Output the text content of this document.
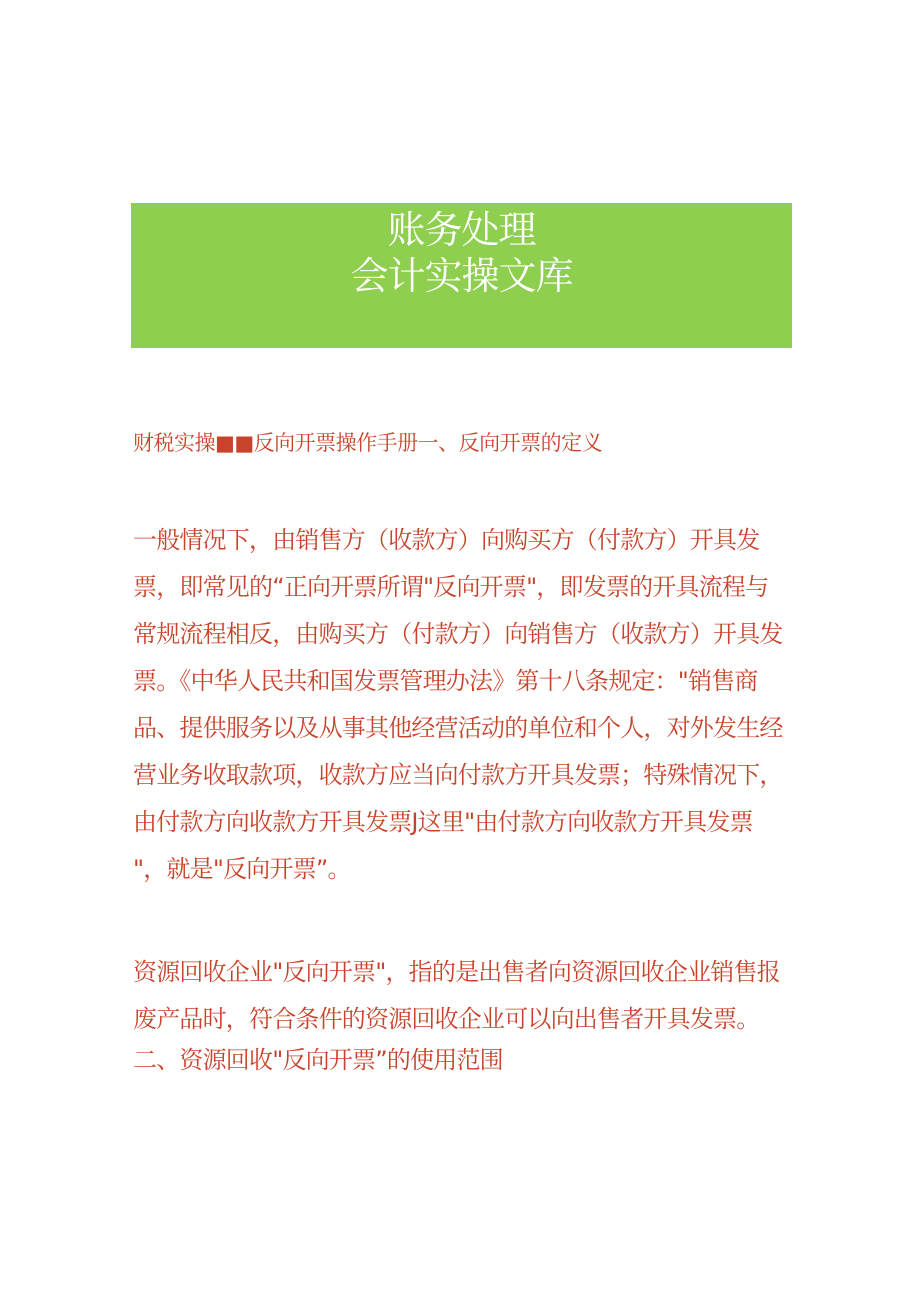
账务处理
会计实操文库
财税实操■■反向开票操作手册一、反向开票的定义
一般情况下，由销售方（收款方）向购买方（付款方）开具发
票，即常见的“正向开票所谓"反向开票"，即发票的开具流程与
常规流程相反，由购买方（付款方）向销售方（收款方）开具发
票。《中华人民共和国发票管理办法》第十八条规定："销售商
品、提供服务以及从事其他经营活动的单位和个人，对外发生经
营业务收取款项，收款方应当向付款方开具发票；特殊情况下，
由付款方向收款方开具发票J这里"由付款方向收款方开具发票
"，就是"反向开票”。
资源回收企业"反向开票"，指的是出售者向资源回收企业销售报
废产品时，符合条件的资源回收企业可以向出售者开具发票。
二、资源回收"反向开票”的使用范围
